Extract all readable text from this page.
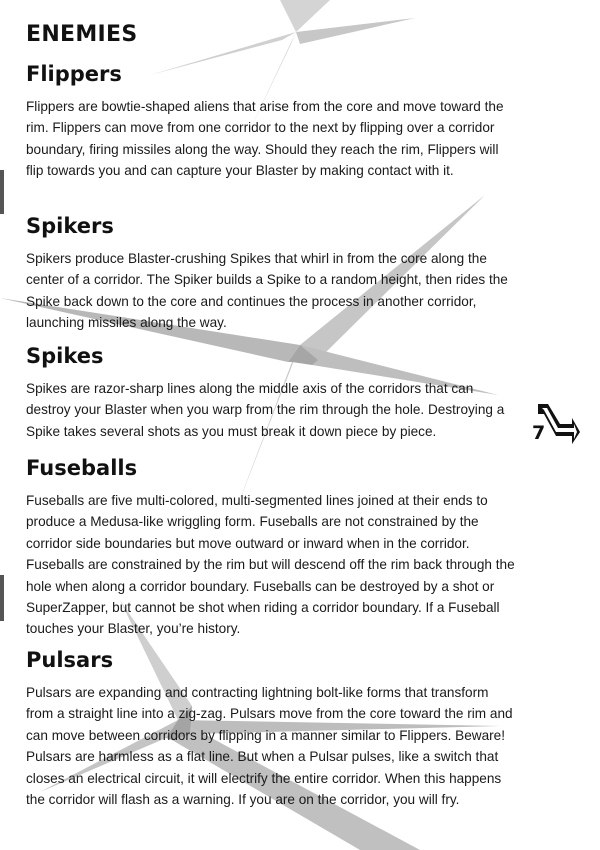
ENEMIES
Flippers

Flippers are bowtie-shaped aliens that arise from the core and move toward the rim. Flippers can move from one corridor to the next by flipping over a corridor boundary, firing missiles along the way. Should they reach the rim, Flippers will flip towards you and can capture your Blaster by making contact with it.

Spikers

Spikers produce Blaster-crushing Spikes that whirl in from the core along the center of a corridor. The Spiker builds a Spike to a random height, then rides the Spike back down to the core and continues the process in another corridor, launching missiles along the way.

Spikes

Spikes are razor-sharp lines along the middle axis of the corridors that can destroy your Blaster when you warp from the rim through the hole. Destroying a Spike takes several shots as you must break it down piece by piece.

Fuseballs

Fuseballs are five multi-colored, multi-segmented lines joined at their ends to produce a Medusa-like wriggling form. Fuseballs are not constrained by the corridor side boundaries but move outward or inward when in the corridor. Fuseballs are constrained by the rim but will descend off the rim back through the hole when along a corridor boundary. Fuseballs can be destroyed by a shot or SuperZapper, but cannot be shot when riding a corridor boundary. If a Fuseball touches your Blaster, you’re history.

Pulsars

Pulsars are expanding and contracting lightning bolt-like forms that transform from a straight line into a zig-zag. Pulsars move from the core toward the rim and can move between corridors by flipping in a manner similar to Flippers. Beware! Pulsars are harmless as a flat line. But when a Pulsar pulses, like a switch that closes an electrical circuit, it will electrify the entire corridor. When this happens the corridor will flash as a warning. If you are on the corridor, you will fry.

7
